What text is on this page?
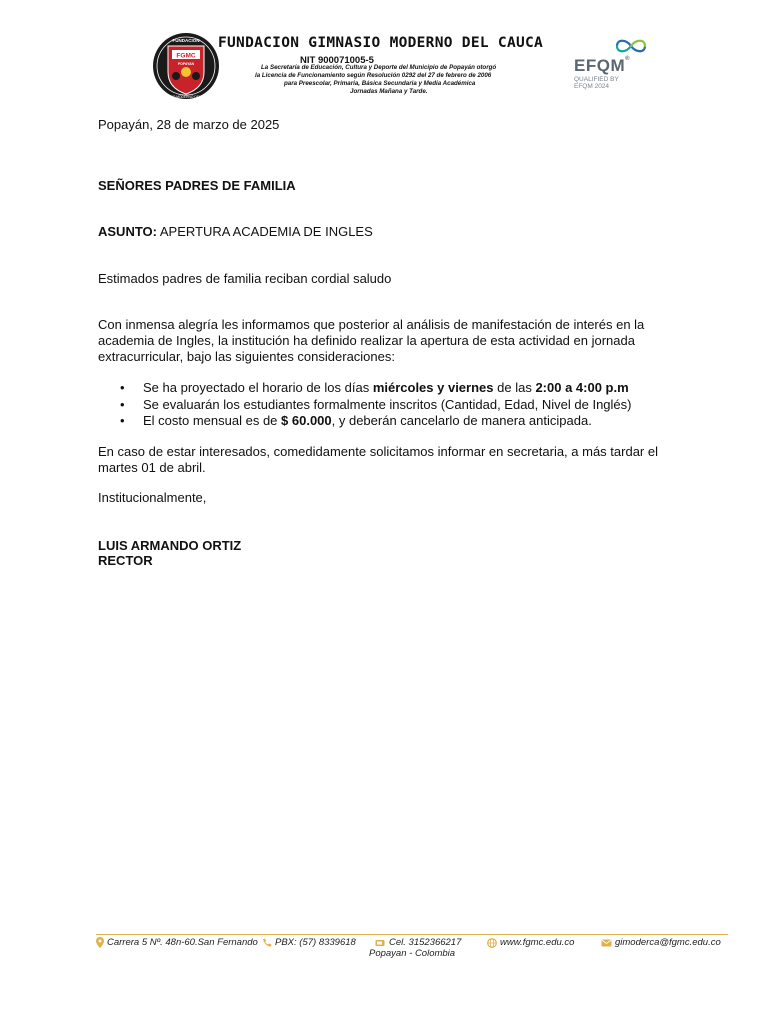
FUNDACION
FGMC
POPAYAN
GIMNASIO MODERNO DEL CAUCA
FUNDACION GIMNASIO MODERNO DEL CAUCA
NIT 900071005-5
La Secretaría de Educación, Cultura y Deporte del Municipio de Popayán otorgó
la Licencia de Funcionamiento según Resolución 0292 del 27 de febrero de 2006
para Preescolar, Primaria, Básica Secundaria y Media Académica
Jornadas Mañana y Tarde.
EFQM®
QUALIFIED BY
EFQM 2024
Popayán, 28 de marzo de 2025
SEÑORES PADRES DE FAMILIA
ASUNTO: APERTURA ACADEMIA DE INGLES
Estimados padres de familia reciban cordial saludo
Con inmensa alegría les informamos que posterior al análisis de manifestación de interés en la
academia de Ingles, la institución ha definido realizar la apertura de esta actividad en jornada
extracurricular, bajo las siguientes consideraciones:
• Se ha proyectado el horario de los días miércoles y viernes de las 2:00 a 4:00 p.m
• Se evaluarán los estudiantes formalmente inscritos (Cantidad, Edad, Nivel de Inglés)
• El costo mensual es de $ 60.000, y deberán cancelarlo de manera anticipada.
En caso de estar interesados, comedidamente solicitamos informar en secretaria, a más tardar el
martes 01 de abril.
Institucionalmente,
LUIS ARMANDO ORTIZ
RECTOR
Carrera 5 Nº. 48n-60.San Fernando PBX: (57) 8339618	Cel. 3152366217	www.fgmc.edu.co	gimoderca@fgmc.edu.co
Popayan - Colombia
